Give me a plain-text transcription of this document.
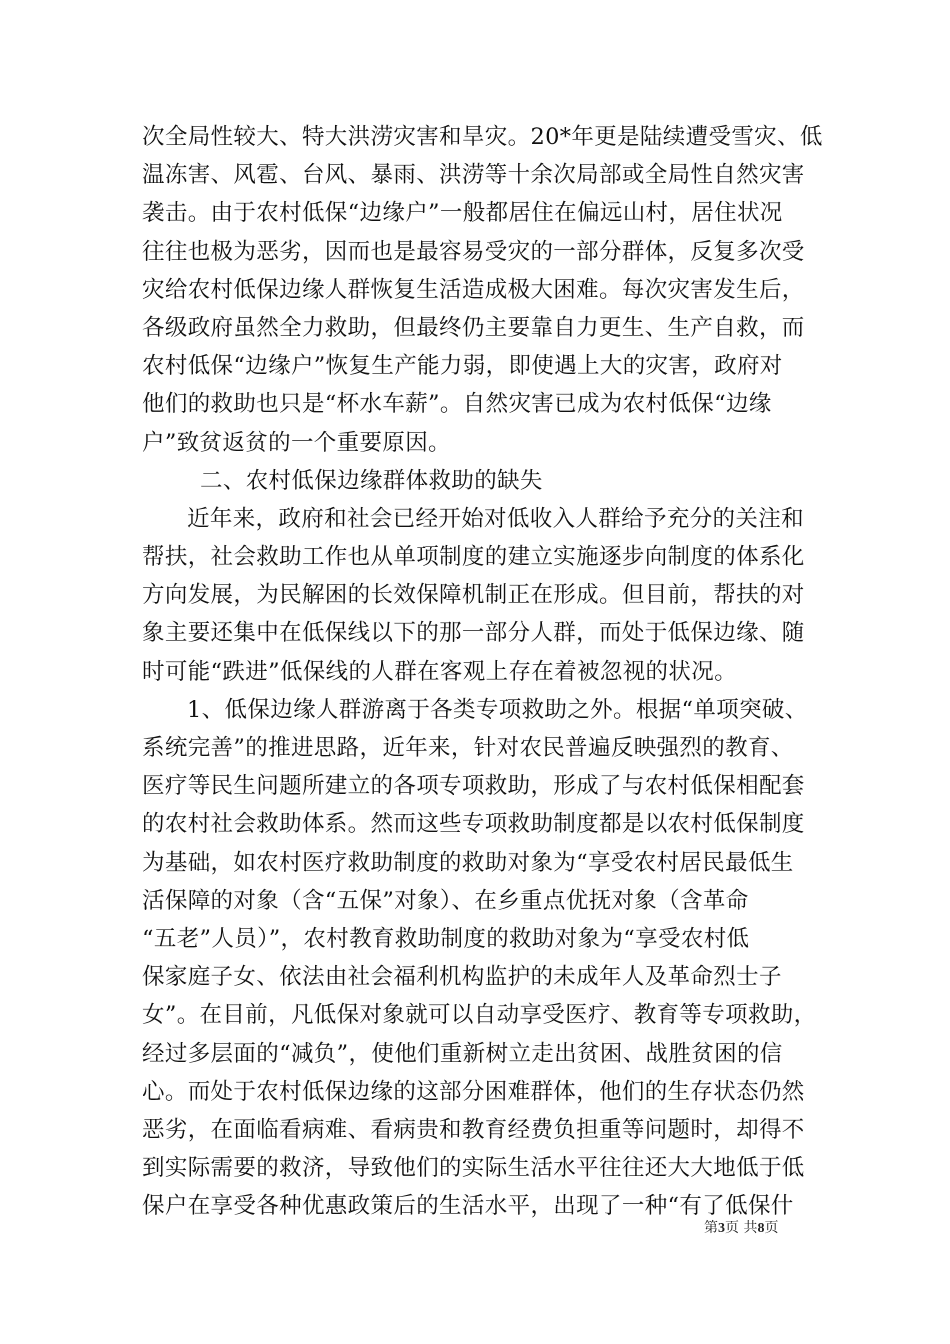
次全局性较大、特大洪涝灾害和旱灾。20*年更是陆续遭受雪灾、低
温冻害、风雹、台风、暴雨、洪涝等十余次局部或全局性自然灾害
袭击。由于农村低保“边缘户”一般都居住在偏远山村，居住状况
往往也极为恶劣，因而也是最容易受灾的一部分群体，反复多次受
灾给农村低保边缘人群恢复生活造成极大困难。每次灾害发生后，
各级政府虽然全力救助，但最终仍主要靠自力更生、生产自救，而
农村低保“边缘户”恢复生产能力弱，即使遇上大的灾害，政府对
他们的救助也只是“杯水车薪”。自然灾害已成为农村低保“边缘
户”致贫返贫的一个重要原因。
二、农村低保边缘群体救助的缺失
近年来，政府和社会已经开始对低收入人群给予充分的关注和
帮扶，社会救助工作也从单项制度的建立实施逐步向制度的体系化
方向发展，为民解困的长效保障机制正在形成。但目前，帮扶的对
象主要还集中在低保线以下的那一部分人群，而处于低保边缘、随
时可能“跌进”低保线的人群在客观上存在着被忽视的状况。
1、低保边缘人群游离于各类专项救助之外。根据“单项突破、
系统完善”的推进思路，近年来，针对农民普遍反映强烈的教育、
医疗等民生问题所建立的各项专项救助，形成了与农村低保相配套
的农村社会救助体系。然而这些专项救助制度都是以农村低保制度
为基础，如农村医疗救助制度的救助对象为“享受农村居民最低生
活保障的对象（含“五保”对象）、在乡重点优抚对象（含革命
“五老”人员）”，农村教育救助制度的救助对象为“享受农村低
保家庭子女、依法由社会福利机构监护的未成年人及革命烈士子
女”。在目前，凡低保对象就可以自动享受医疗、教育等专项救助，
经过多层面的“减负”，使他们重新树立走出贫困、战胜贫困的信
心。而处于农村低保边缘的这部分困难群体，他们的生存状态仍然
恶劣，在面临看病难、看病贵和教育经费负担重等问题时，却得不
到实际需要的救济，导致他们的实际生活水平往往还大大地低于低
保户在享受各种优惠政策后的生活水平，出现了一种“有了低保什
第3页 共8页
